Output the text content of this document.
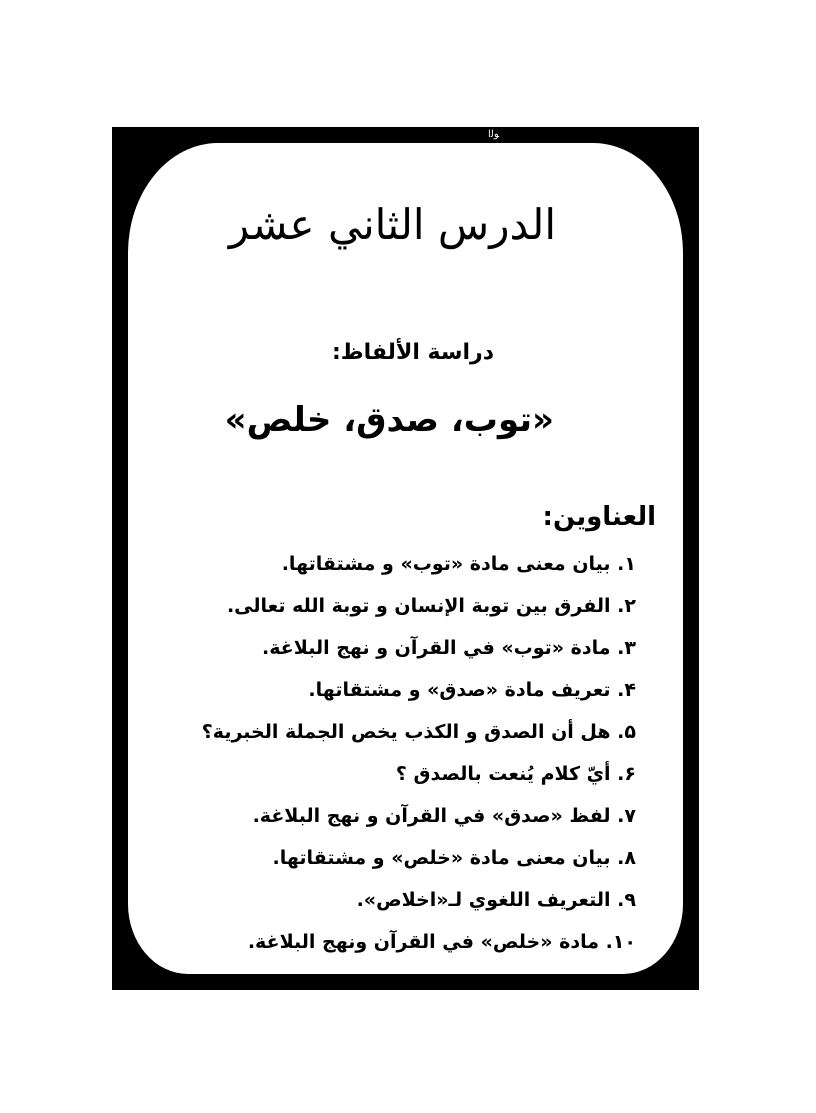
ﻮﻟﺍ
الدرس الثاني عشر
دراسة الألفاظ:
«توب، صدق، خلص»
العناوين:
١. بيان معنى مادة «توب» و مشتقاتها.
٢. الفرق بين توبة الإنسان و توبة الله تعالى.
٣. مادة «توب» في القرآن و نهج البلاغة.
۴. تعريف مادة «صدق» و مشتقاتها.
۵. هل أن الصدق و الكذب يخص الجملة الخبرية؟
۶. أيّ كلام يُنعت بالصدق ؟
٧. لفظ «صدق» في القرآن و نهج البلاغة.
٨. بيان معنى مادة «خلص» و مشتقاتها.
٩. التعريف اللغوي لـ«اخلاص».
١٠. مادة «خلص» في القرآن ونهج البلاغة.
